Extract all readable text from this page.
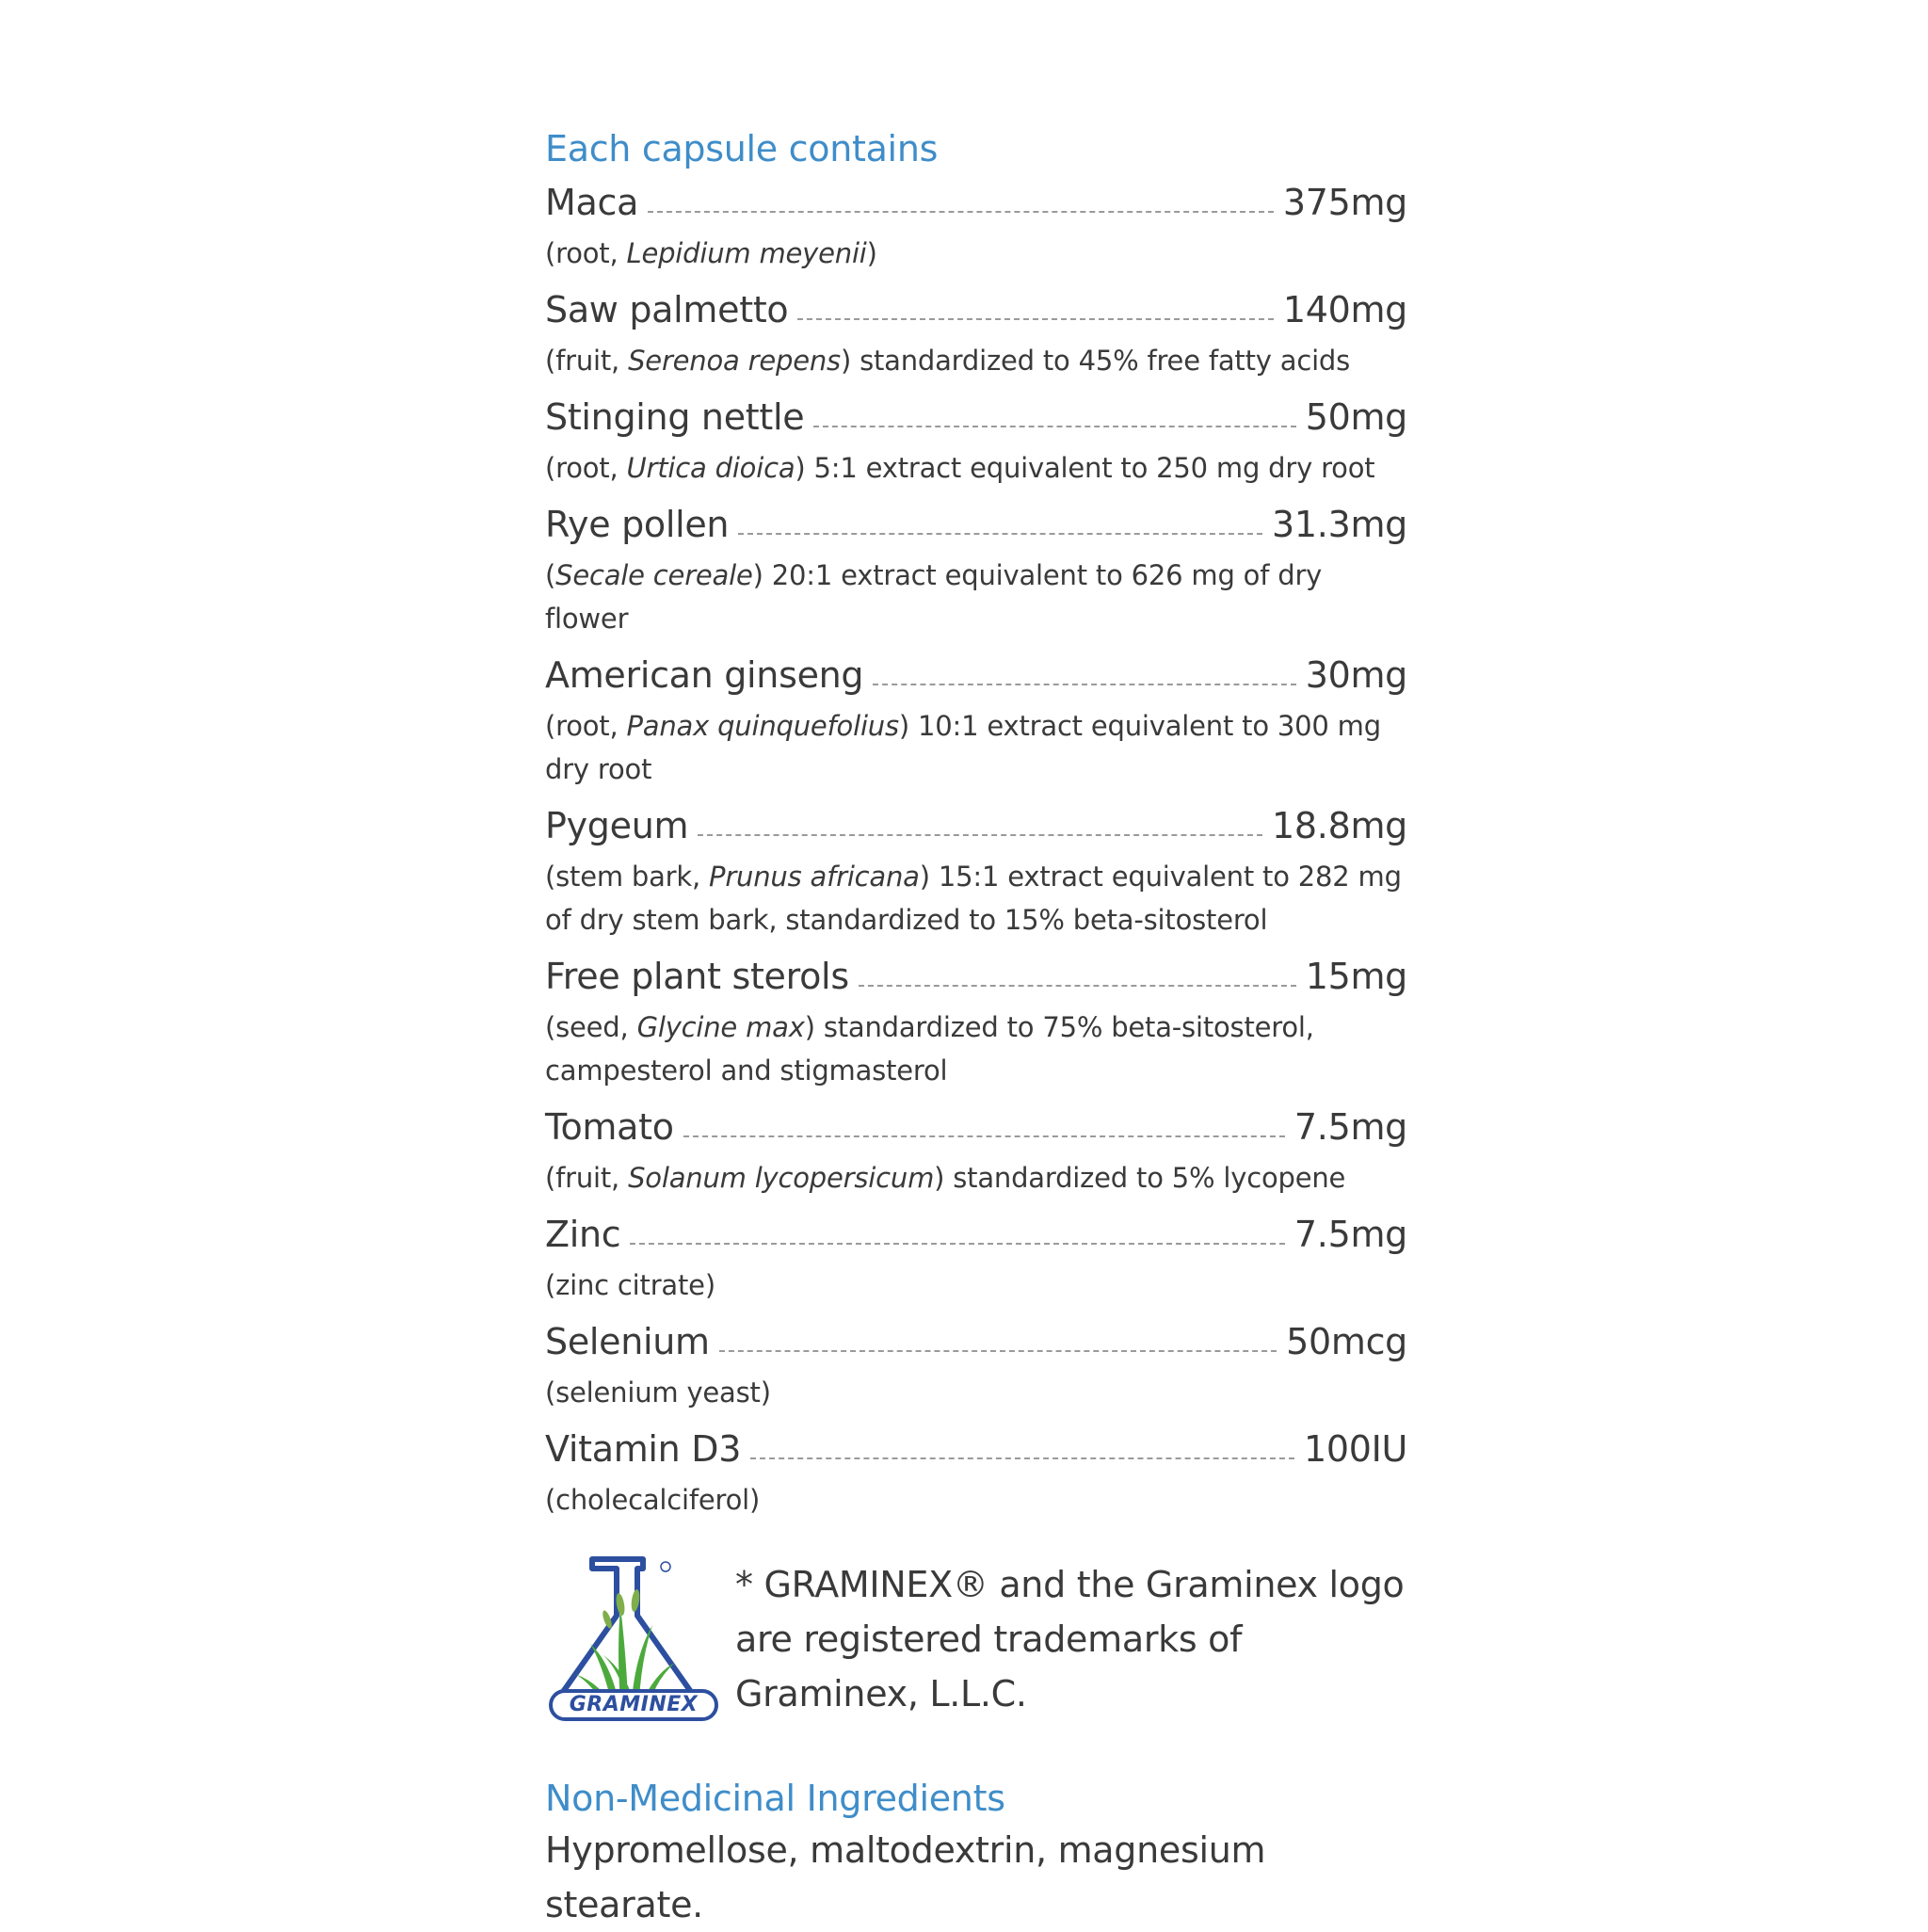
Each capsule contains
Maca	375mg
(root, Lepidium meyenii)
Saw palmetto	140mg
(fruit, Serenoa repens) standardized to 45% free fatty acids
Stinging nettle	50mg
(root, Urtica dioica) 5:1 extract equivalent to 250 mg dry root
Rye pollen	31.3mg
(Secale cereale) 20:1 extract equivalent to 626 mg of dry flower
American ginseng	30mg
(root, Panax quinquefolius) 10:1 extract equivalent to 300 mg dry root
Pygeum	18.8mg
(stem bark, Prunus africana) 15:1 extract equivalent to 282 mg of dry stem bark, standardized to 15% beta-sitosterol
Free plant sterols	15mg
(seed, Glycine max) standardized to 75% beta-sitosterol, campesterol and stigmasterol
Tomato	7.5mg
(fruit, Solanum lycopersicum) standardized to 5% lycopene
Zinc	7.5mg
(zinc citrate)
Selenium	50mcg
(selenium yeast)
Vitamin D3	100IU
(cholecalciferol)
* GRAMINEX® and the Graminex logo are registered trademarks of Graminex, L.L.C.
Non-Medicinal Ingredients
Hypromellose, maltodextrin, magnesium stearate.
GRAMINEX
